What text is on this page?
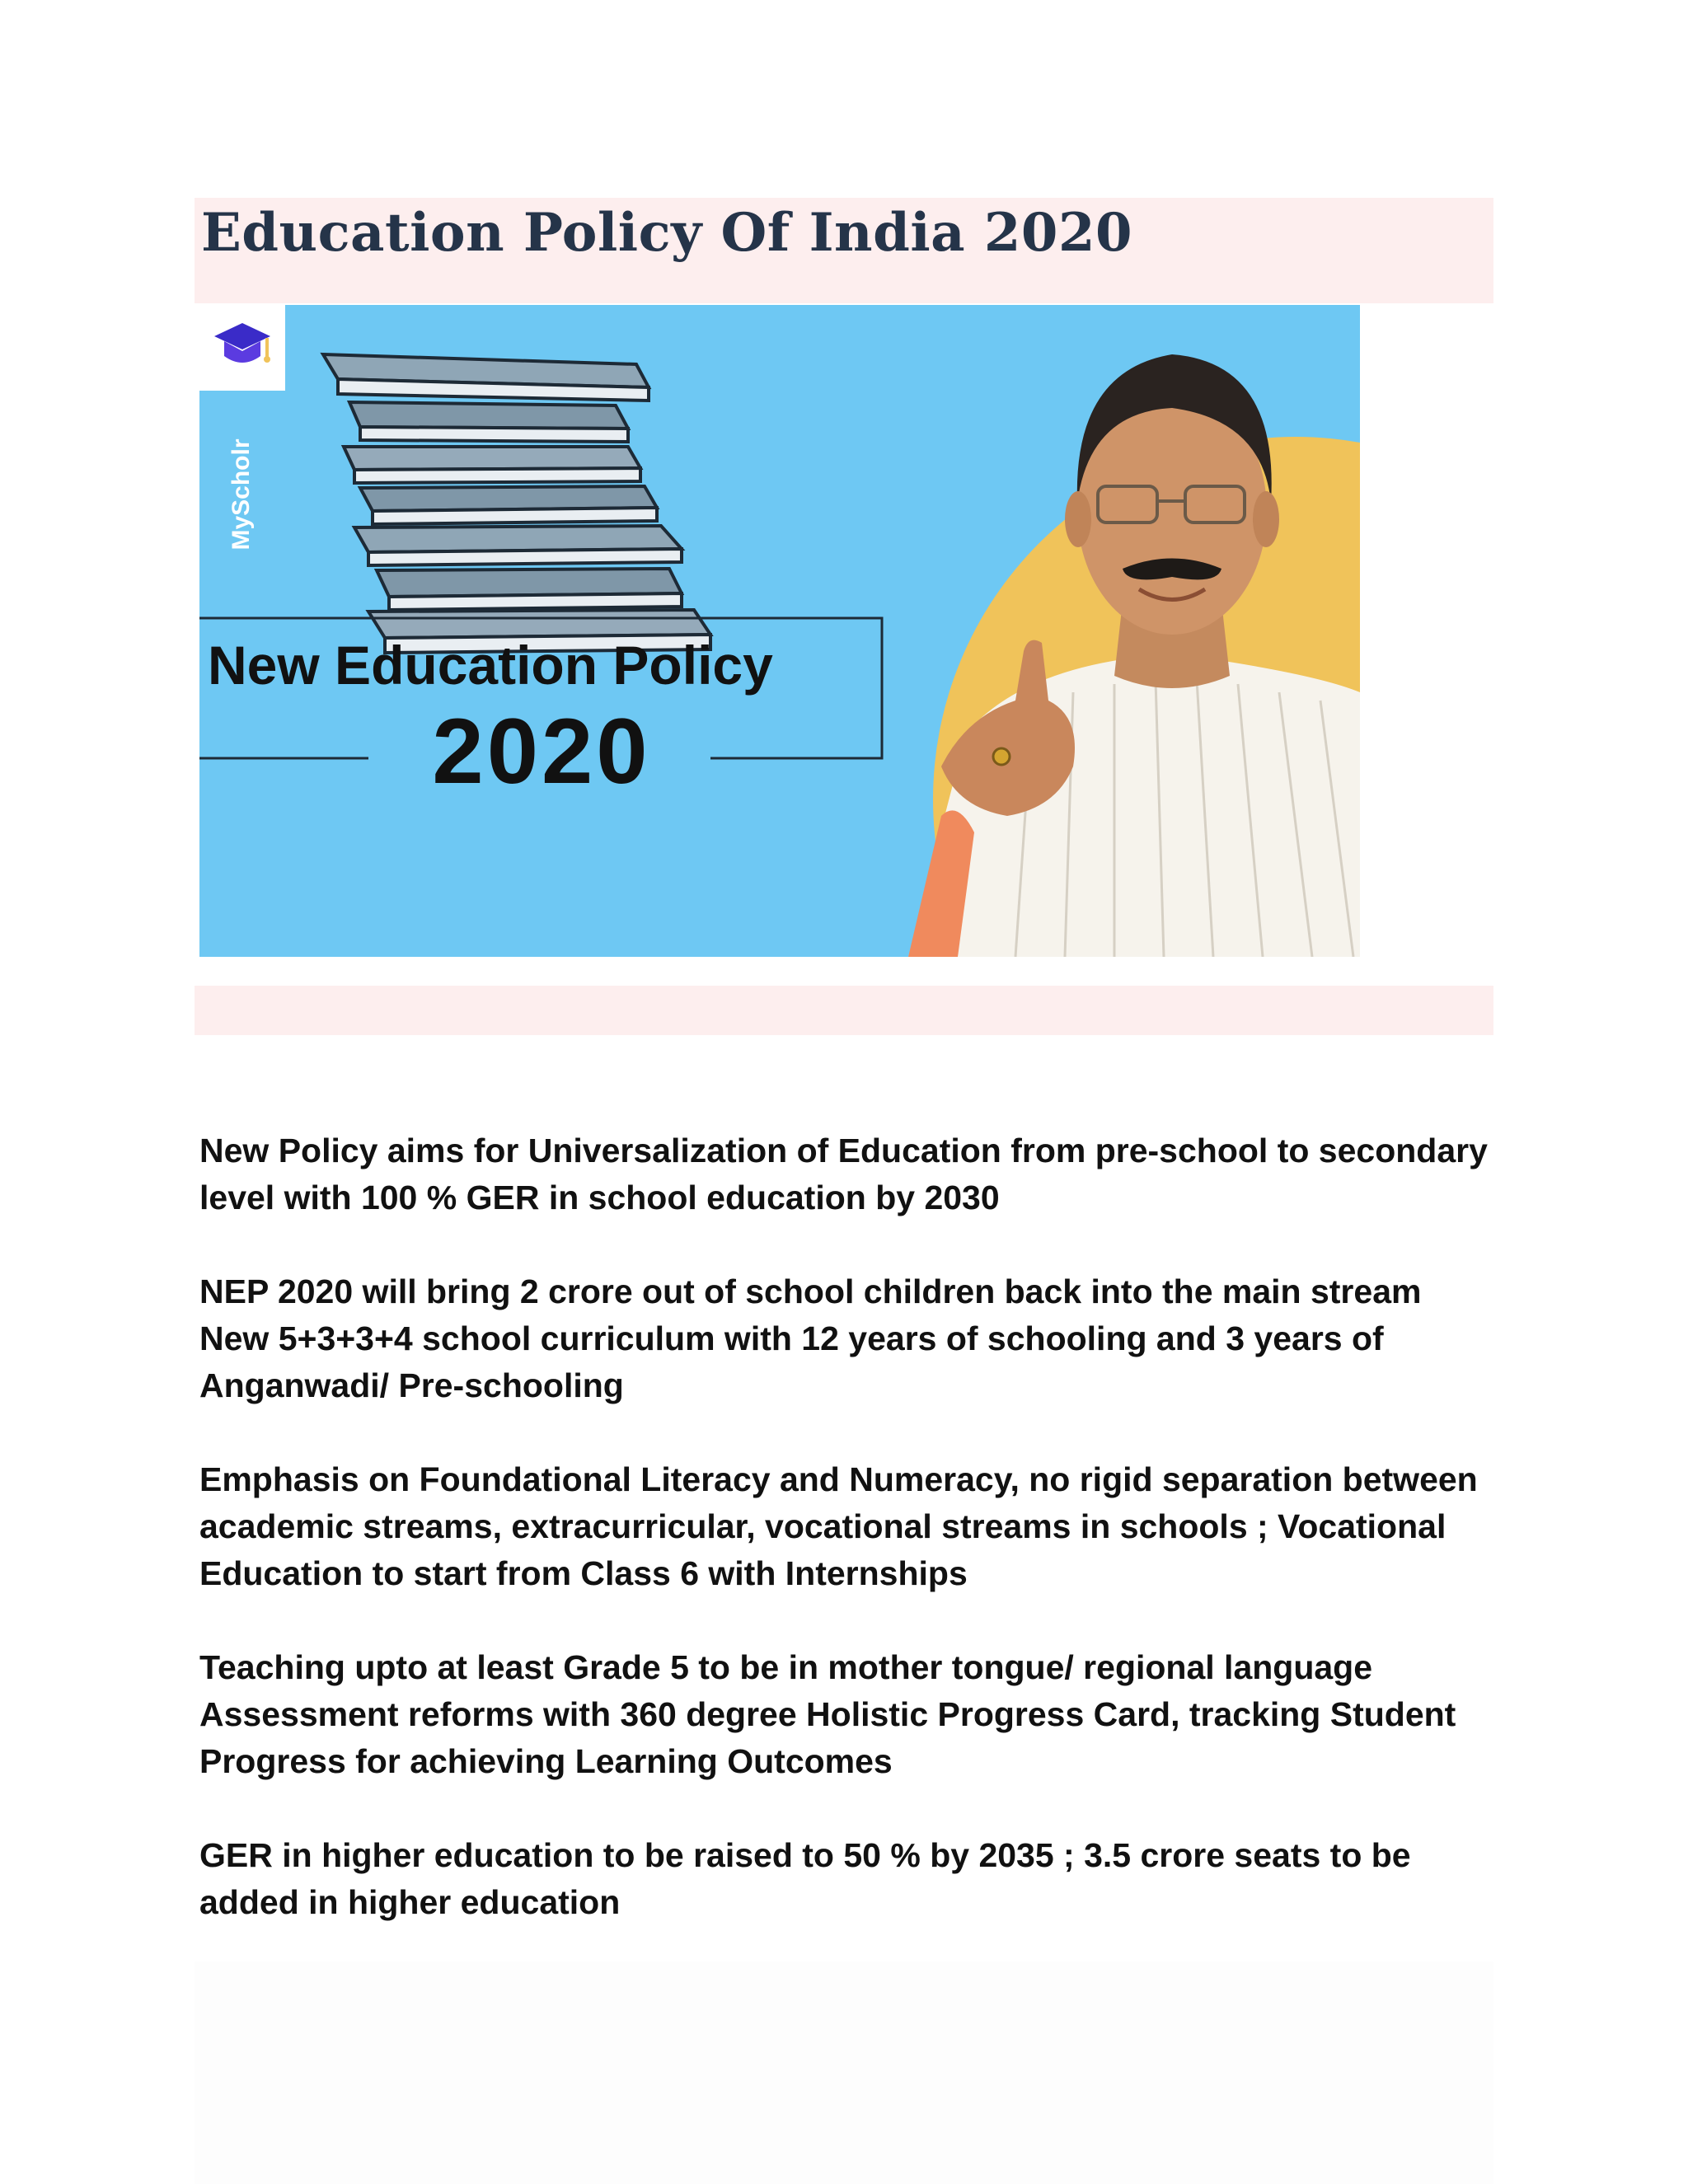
Education Policy Of India 2020
MyScholr
New Education Policy
2020

New Policy aims for Universalization of Education from pre-school to secondary
level with 100 % GER in school education by 2030

NEP 2020 will bring 2 crore out of school children back into the main stream
New 5+3+3+4 school curriculum with 12 years of schooling and 3 years of
Anganwadi/ Pre-schooling

Emphasis on Foundational Literacy and Numeracy, no rigid separation between
academic streams, extracurricular, vocational streams in schools ; Vocational
Education to start from Class 6 with Internships

Teaching upto at least Grade 5 to be in mother tongue/ regional language
Assessment reforms with 360 degree Holistic Progress Card, tracking Student
Progress for achieving Learning Outcomes

GER in higher education to be raised to 50 % by 2035 ; 3.5 crore seats to be
added in higher education
